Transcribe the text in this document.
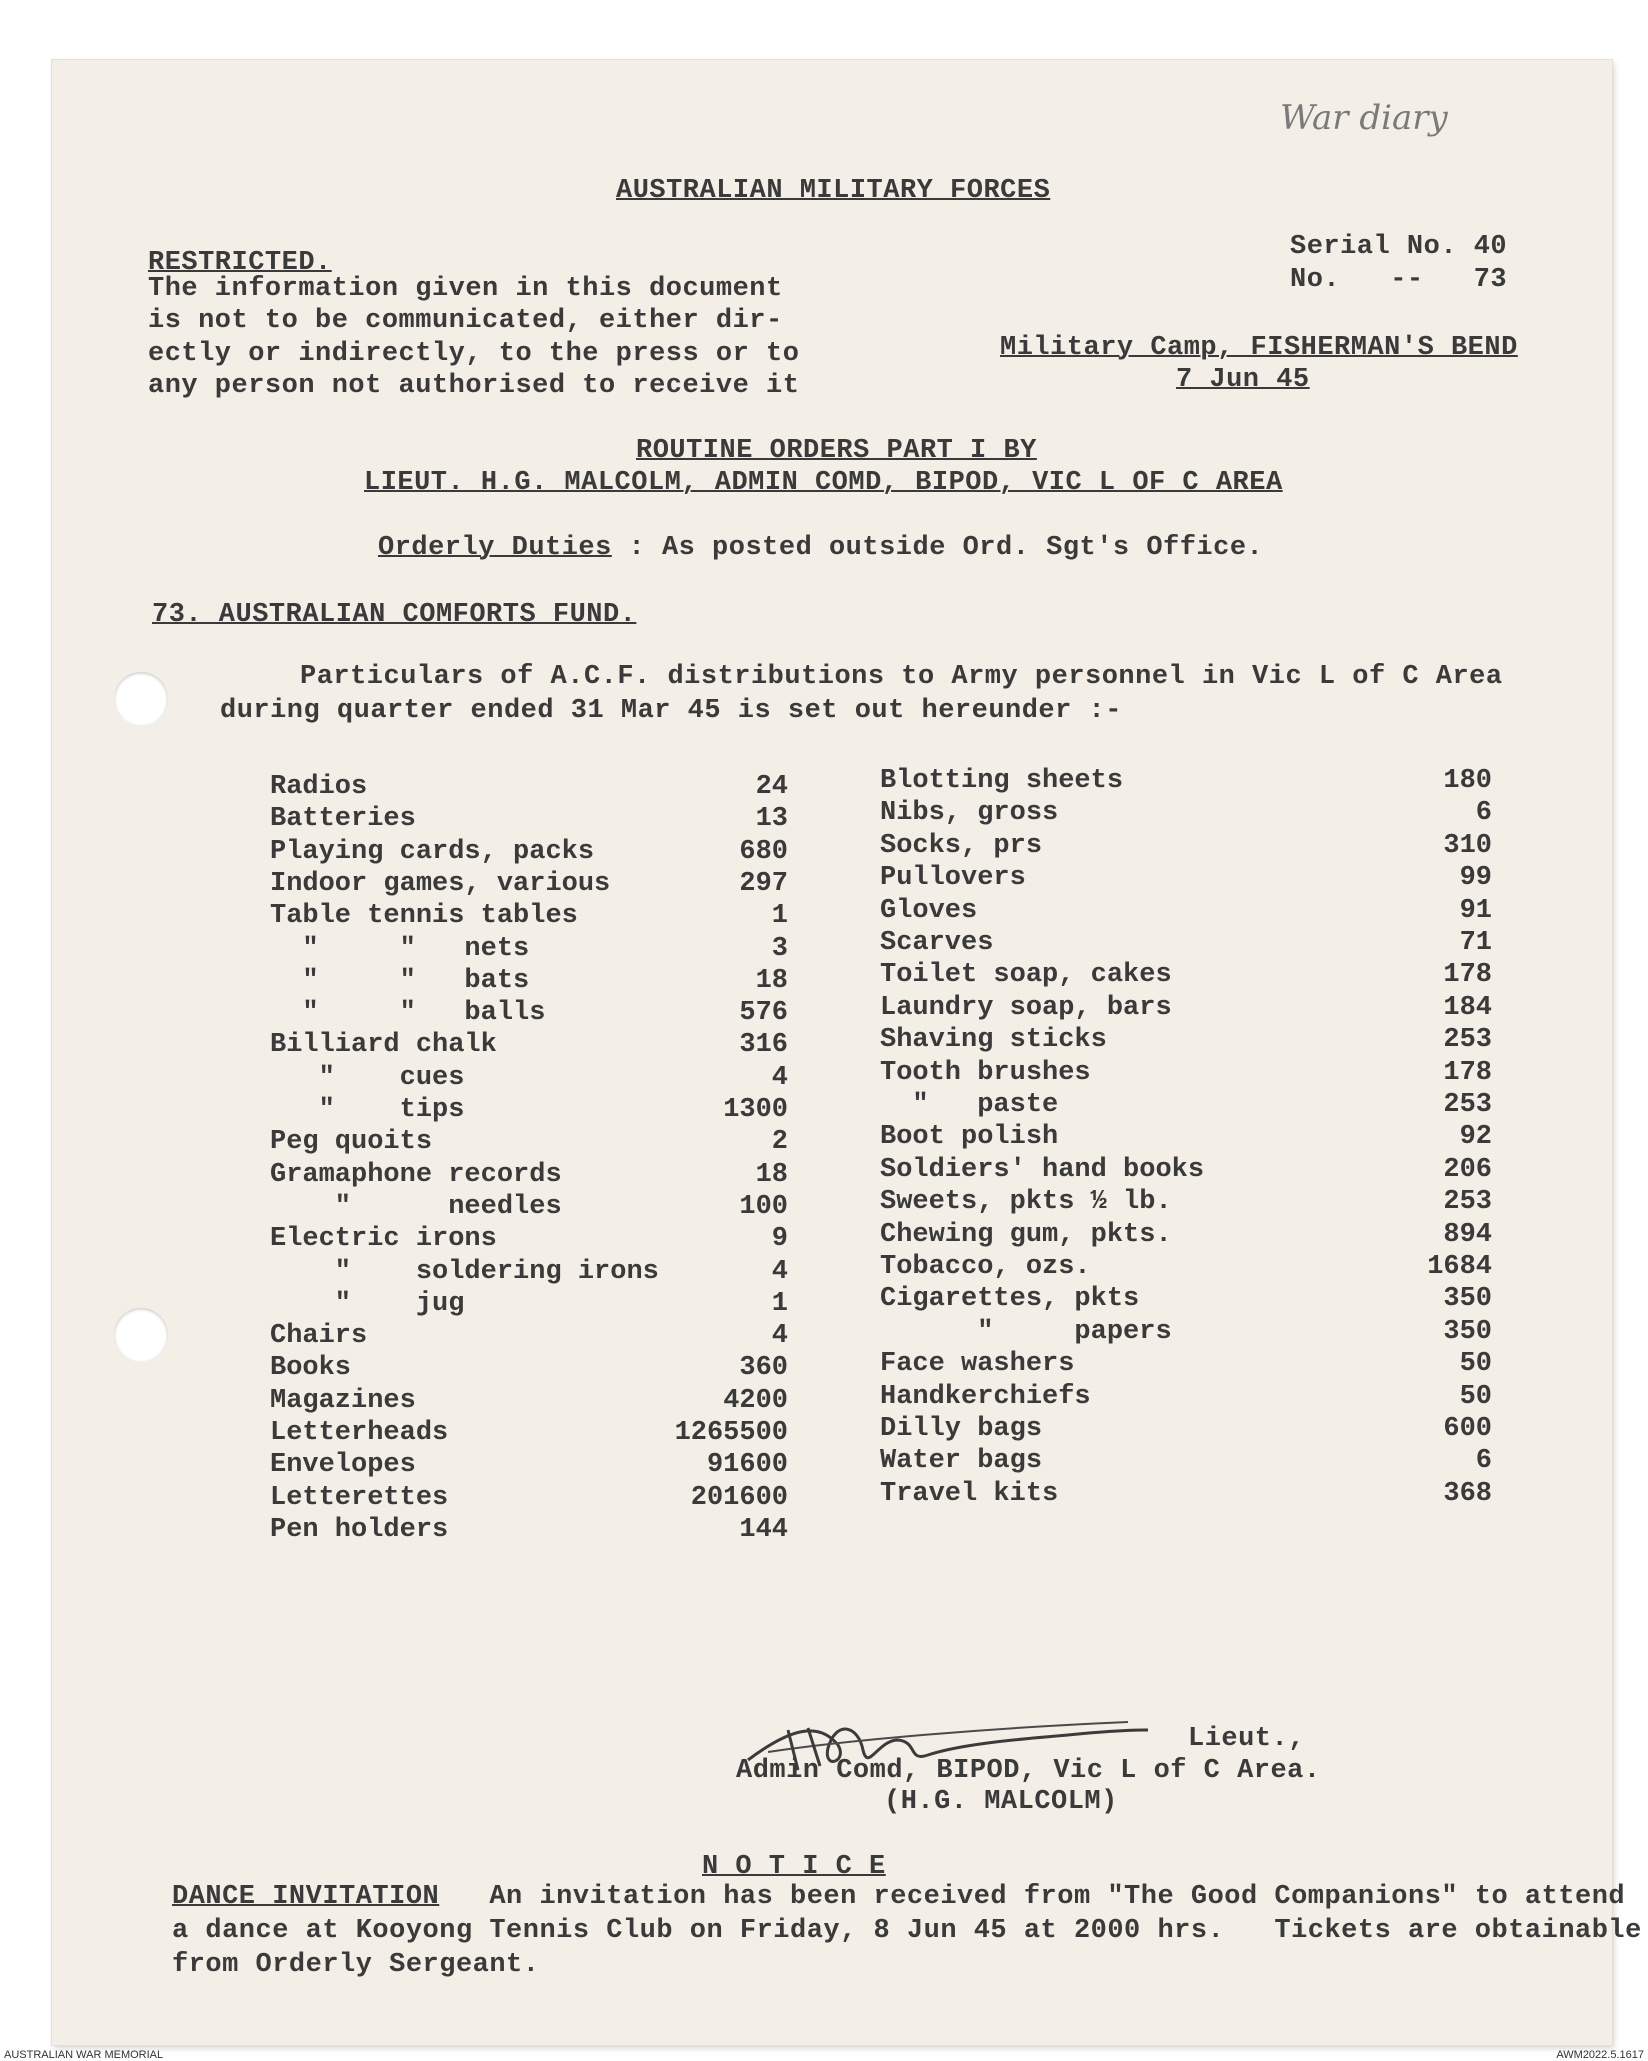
War diary
AUSTRALIAN MILITARY FORCES
RESTRICTED.
The information given in this document
is not to be communicated, either dir-
ectly or indirectly, to the press or to
any person not authorised to receive it
Serial No. 40
No.   --   73
Military Camp, FISHERMAN'S BEND
7 Jun 45
ROUTINE ORDERS PART I BY
LIEUT. H.G. MALCOLM, ADMIN COMD, BIPOD, VIC L OF C AREA
Orderly Duties : As posted outside Ord. Sgt's Office.
73. AUSTRALIAN COMFORTS FUND.
Particulars of A.C.F. distributions to Army personnel in Vic L of C Area
during quarter ended 31 Mar 45 is set out hereunder :-
Radios	24
Batteries	13
Playing cards, packs	680
Indoor games, various	297
Table tennis tables	1
"     "   nets	3
"     "   bats	18
"     "   balls	576
Billiard chalk	316
"    cues	4
"    tips	1300
Peg quoits	2
Gramaphone records	18
"      needles	100
Electric irons	9
"    soldering irons	4
"    jug	1
Chairs	4
Books	360
Magazines	4200
Letterheads	1265500
Envelopes	91600
Letterettes	201600
Pen holders	144
Blotting sheets	180
Nibs, gross	6
Socks, prs	310
Pullovers	99
Gloves	91
Scarves	71
Toilet soap, cakes	178
Laundry soap, bars	184
Shaving sticks	253
Tooth brushes	178
"   paste	253
Boot polish	92
Soldiers' hand books	206
Sweets, pkts ½ lb.	253
Chewing gum, pkts.	894
Tobacco, ozs.	1684
Cigarettes, pkts	350
"     papers	350
Face washers	50
Handkerchiefs	50
Dilly bags	600
Water bags	6
Travel kits	368
Lieut.,
Admin Comd, BIPOD, Vic L of C Area.
(H.G. MALCOLM)
N O T I C E
DANCE INVITATION   An invitation has been received from "The Good Companions" to attend
a dance at Kooyong Tennis Club on Friday, 8 Jun 45 at 2000 hrs.   Tickets are obtainable
from Orderly Sergeant.
AUSTRALIAN WAR MEMORIAL	AWM2022.5.1617
